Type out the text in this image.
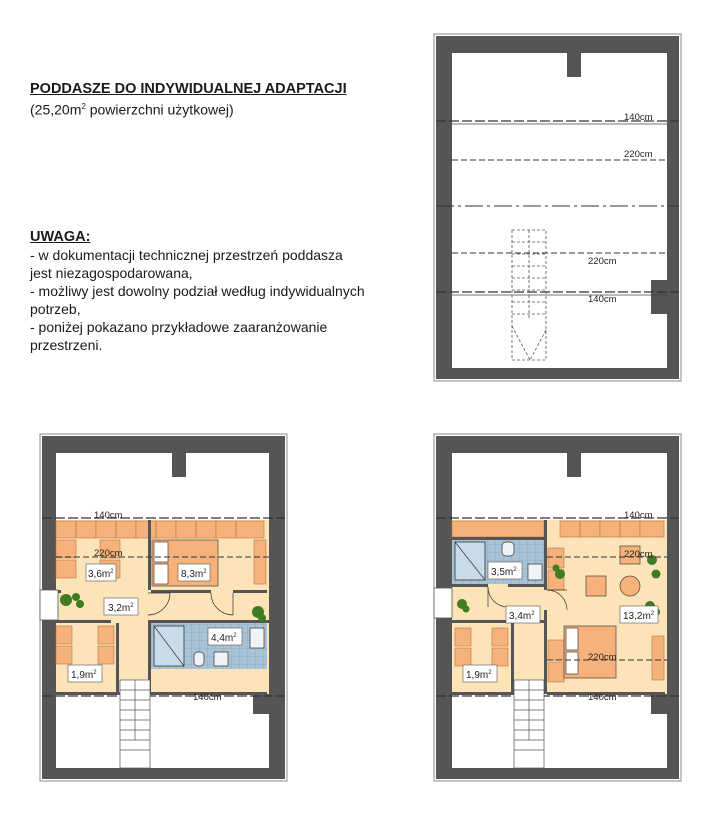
PODDASZE DO INDYWIDUALNEJ ADAPTACJI
($25,20m^2$ powierzchni użytkowej)
UWAGA:
- w dokumentacji technicznej przestrzeń poddasza
jest niezagospodarowana,
- możliwy jest dowolny podział według indywidualnych
potrzeb,
- poniżej pokazano przykładowe zaaranżowanie
przestrzeni.
140cm
220cm
220cm
140cm
140cm
220cm
140cm
$3,6m^2$	$8,3m^2$
$3,2m^2$
$4,4m^2$
$1,9m^2$
140cm
220cm
220cm
140cm
$3,5m^2$
$13,2m^2$
$3,4m^2$
$1,9m^2$
